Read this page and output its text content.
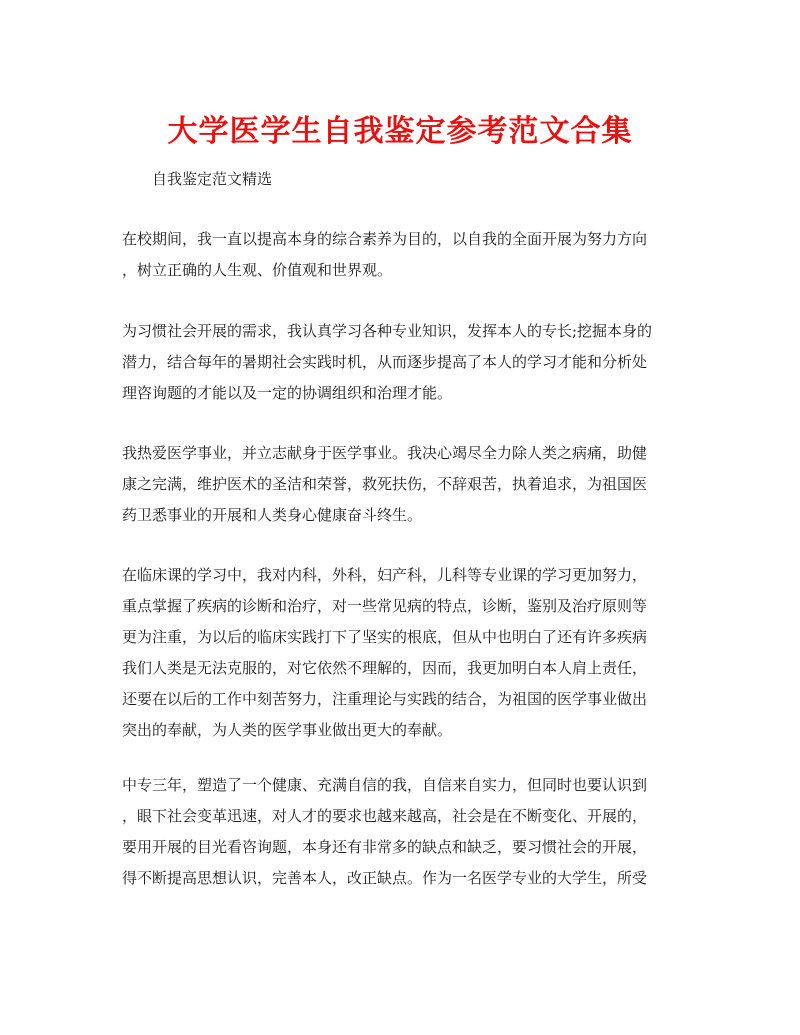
大学医学生自我鉴定参考范文合集
自我鉴定范文精选
在校期间，我一直以提高本身的综合素养为目的，以自我的全面开展为努力方向
，树立正确的人生观、价值观和世界观。
为习惯社会开展的需求，我认真学习各种专业知识，发挥本人的专长;挖掘本身的
潜力，结合每年的暑期社会实践时机，从而逐步提高了本人的学习才能和分析处
理咨询题的才能以及一定的协调组织和治理才能。
我热爱医学事业，并立志献身于医学事业。我决心竭尽全力除人类之病痛，助健
康之完满，维护医术的圣洁和荣誉，救死扶伤，不辞艰苦，执着追求，为祖国医
药卫悉事业的开展和人类身心健康奋斗终生。
在临床课的学习中，我对内科，外科，妇产科，儿科等专业课的学习更加努力，
重点掌握了疾病的诊断和治疗，对一些常见病的特点，诊断，鉴别及治疗原则等
更为注重，为以后的临床实践打下了坚实的根底，但从中也明白了还有许多疾病
我们人类是无法克服的，对它依然不理解的，因而，我更加明白本人肩上责任，
还要在以后的工作中刻苦努力，注重理论与实践的结合，为祖国的医学事业做出
突出的奉献，为人类的医学事业做出更大的奉献。
中专三年，塑造了一个健康、充满自信的我，自信来自实力，但同时也要认识到
，眼下社会变革迅速，对人才的要求也越来越高，社会是在不断变化、开展的，
要用开展的目光看咨询题，本身还有非常多的缺点和缺乏，要习惯社会的开展，
得不断提高思想认识，完善本人，改正缺点。作为一名医学专业的大学生，所受
